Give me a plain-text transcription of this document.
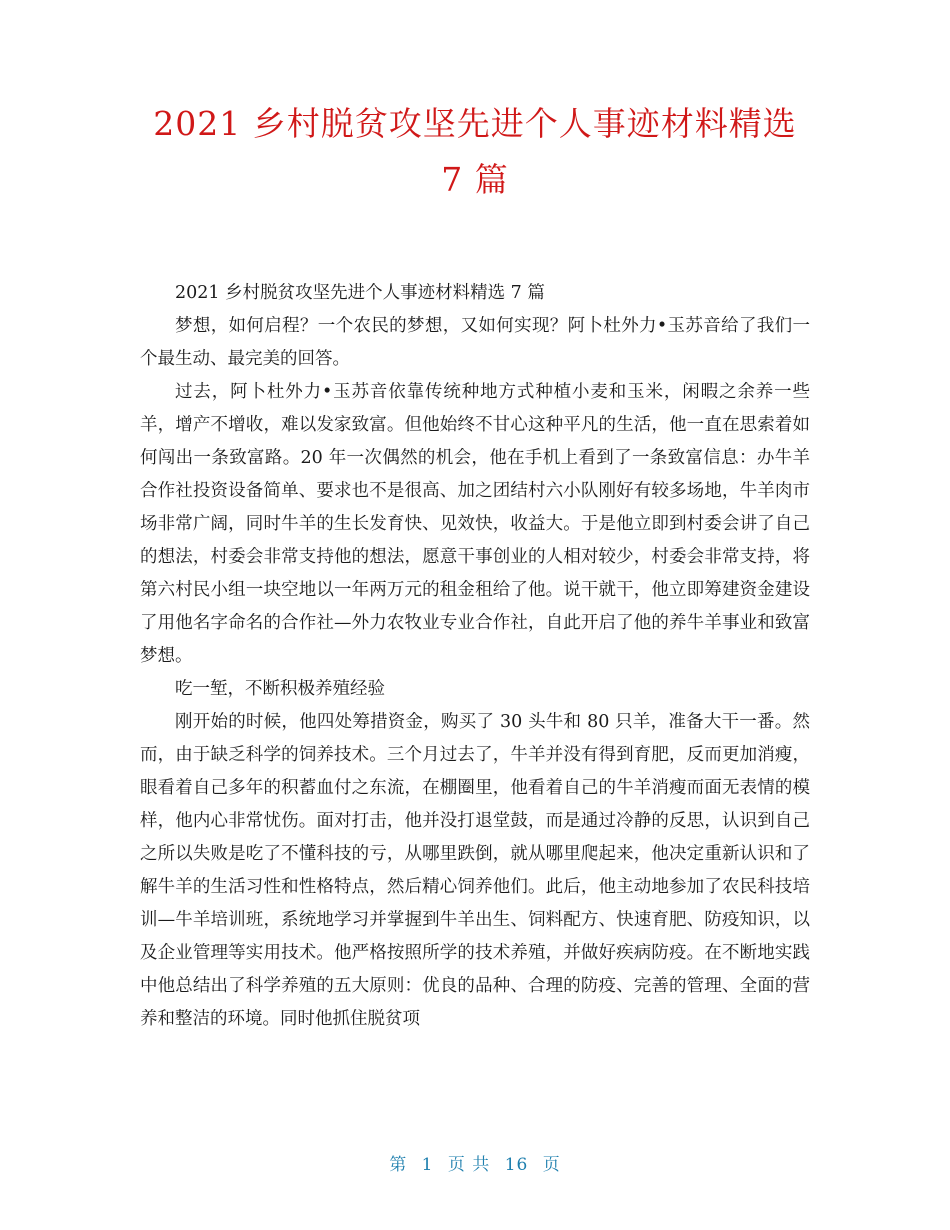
2021 乡村脱贫攻坚先进个人事迹材料精选 7 篇

2021 乡村脱贫攻坚先进个人事迹材料精选 7 篇

梦想，如何启程？一个农民的梦想，又如何实现？阿卜杜外力•玉苏音给了我们一个最生动、最完美的回答。

过去，阿卜杜外力•玉苏音依靠传统种地方式种植小麦和玉米，闲暇之余养一些羊，增产不增收，难以发家致富。但他始终不甘心这种平凡的生活，他一直在思索着如何闯出一条致富路。20 年一次偶然的机会，他在手机上看到了一条致富信息：办牛羊合作社投资设备简单、要求也不是很高、加之团结村六小队刚好有较多场地，牛羊肉市场非常广阔，同时牛羊的生长发育快、见效快，收益大。于是他立即到村委会讲了自己的想法，村委会非常支持他的想法，愿意干事创业的人相对较少，村委会非常支持，将第六村民小组一块空地以一年两万元的租金租给了他。说干就干，他立即筹建资金建设了用他名字命名的合作社—外力农牧业专业合作社，自此开启了他的养牛羊事业和致富梦想。

吃一堑，不断积极养殖经验

刚开始的时候，他四处筹措资金，购买了 30 头牛和 80 只羊，准备大干一番。然而，由于缺乏科学的饲养技术。三个月过去了，牛羊并没有得到育肥，反而更加消瘦，眼看着自己多年的积蓄血付之东流，在棚圈里，他看着自己的牛羊消瘦而面无表情的模样，他内心非常忧伤。面对打击，他并没打退堂鼓，而是通过冷静的反思，认识到自己之所以失败是吃了不懂科技的亏，从哪里跌倒，就从哪里爬起来，他决定重新认识和了解牛羊的生活习性和性格特点，然后精心饲养他们。此后，他主动地参加了农民科技培训—牛羊培训班，系统地学习并掌握到牛羊出生、饲料配方、快速育肥、防疫知识，以及企业管理等实用技术。他严格按照所学的技术养殖，并做好疾病防疫。在不断地实践中他总结出了科学养殖的五大原则：优良的品种、合理的防疫、完善的管理、全面的营养和整洁的环境。同时他抓住脱贫项

第 1 页 共 16 页
